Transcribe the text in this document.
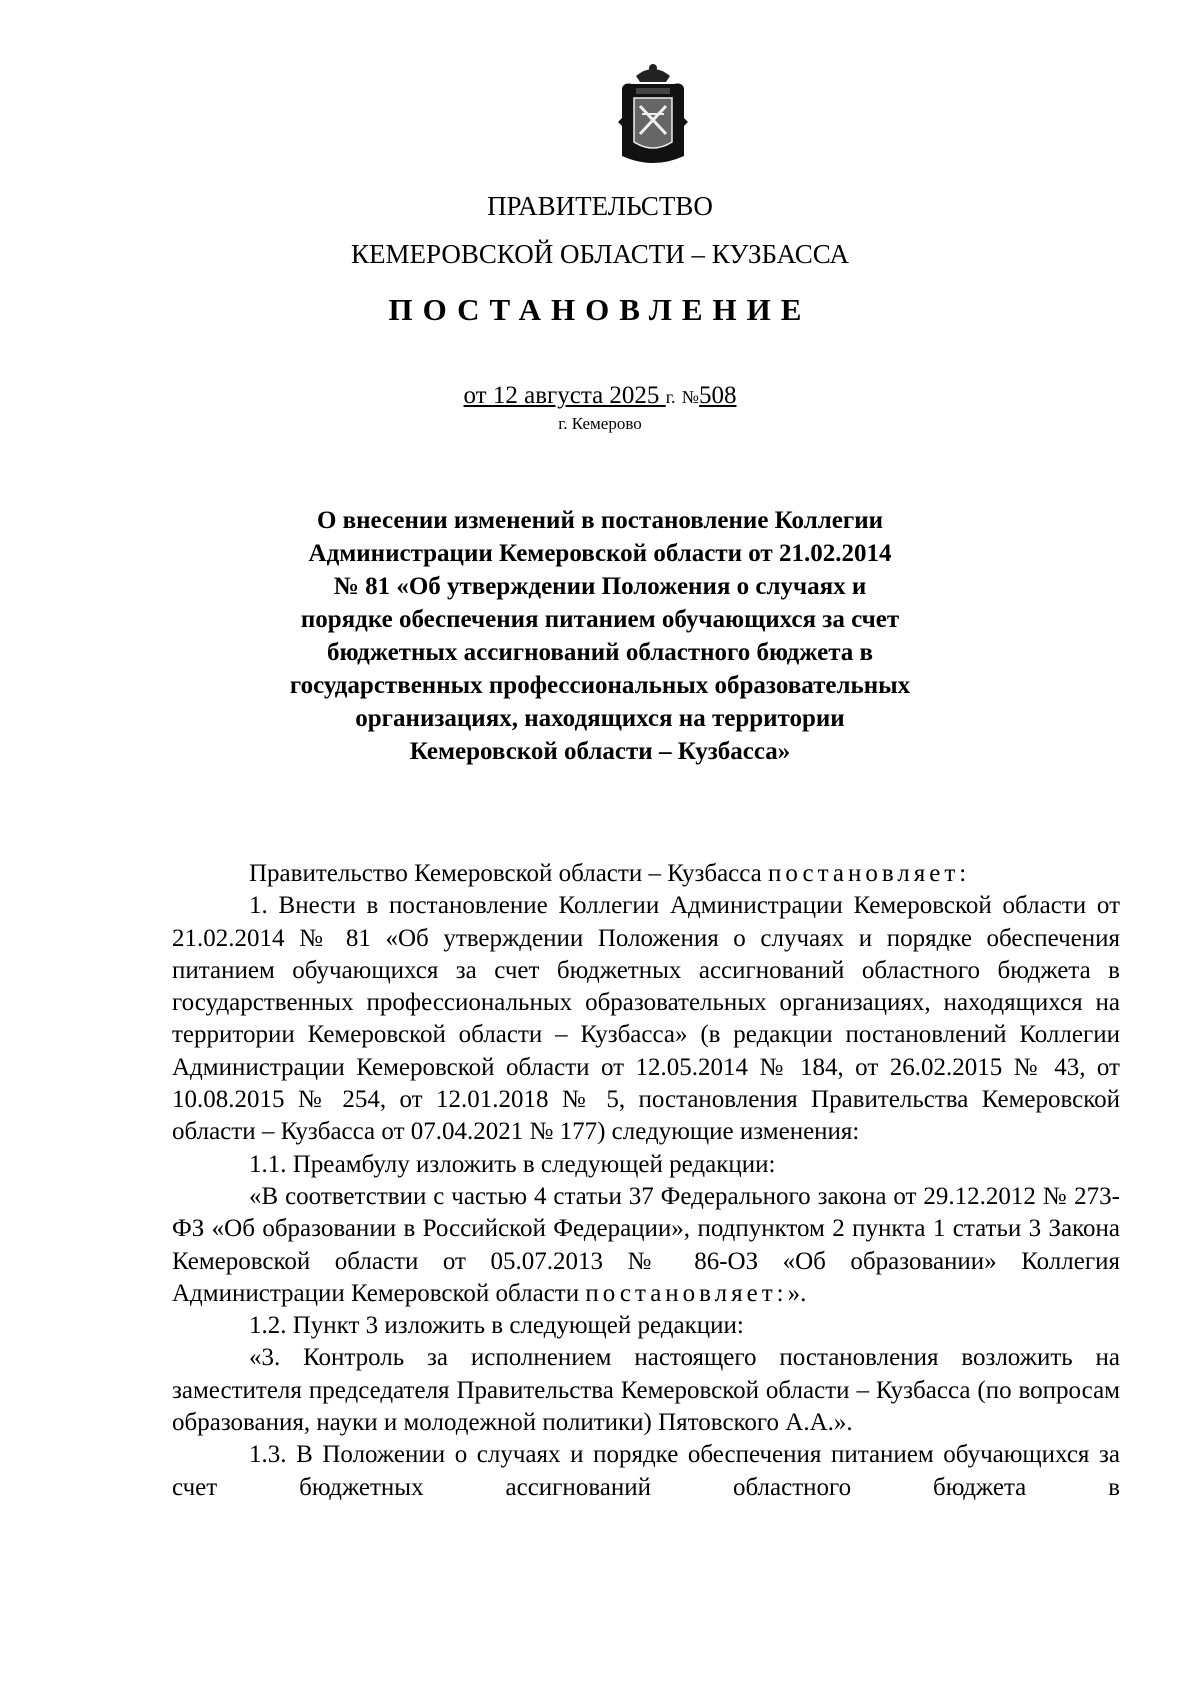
ПРАВИТЕЛЬСТВО
КЕМЕРОВСКОЙ ОБЛАСТИ – КУЗБАССА
ПОСТАНОВЛЕНИЕ
от 12 августа 2025 г. №508
г. Кемерово
О внесении изменений в постановление Коллегии
Администрации Кемеровской области от 21.02.2014
№ 81 «Об утверждении Положения о случаях и
порядке обеспечения питанием обучающихся за счет
бюджетных ассигнований областного бюджета в
государственных профессиональных образовательных
организациях, находящихся на территории
Кемеровской области – Кузбасса»
Правительство Кемеровской области – Кузбасса постановляет:
1. Внести в постановление Коллегии Администрации Кемеровской области от 21.02.2014 № 81 «Об утверждении Положения о случаях и порядке обеспечения питанием обучающихся за счет бюджетных ассигнований областного бюджета в государственных профессиональных образовательных организациях, находящихся на территории Кемеровской области – Кузбасса» (в редакции постановлений Коллегии Администрации Кемеровской области от 12.05.2014 № 184, от 26.02.2015 № 43, от 10.08.2015 № 254, от 12.01.2018 № 5, постановления Правительства Кемеровской области – Кузбасса от 07.04.2021 № 177) следующие изменения:
1.1. Преамбулу изложить в следующей редакции:
«В соответствии с частью 4 статьи 37 Федерального закона от 29.12.2012 № 273-ФЗ «Об образовании в Российской Федерации», подпунктом 2 пункта 1 статьи 3 Закона Кемеровской области от 05.07.2013 № 86-ОЗ «Об образовании» Коллегия Администрации Кемеровской области постановляет:».
1.2. Пункт 3 изложить в следующей редакции:
«3. Контроль за исполнением настоящего постановления возложить на заместителя председателя Правительства Кемеровской области – Кузбасса (по вопросам образования, науки и молодежной политики) Пятовского А.А.».
1.3. В Положении о случаях и порядке обеспечения питанием обучающихся за счет бюджетных ассигнований областного бюджета в
